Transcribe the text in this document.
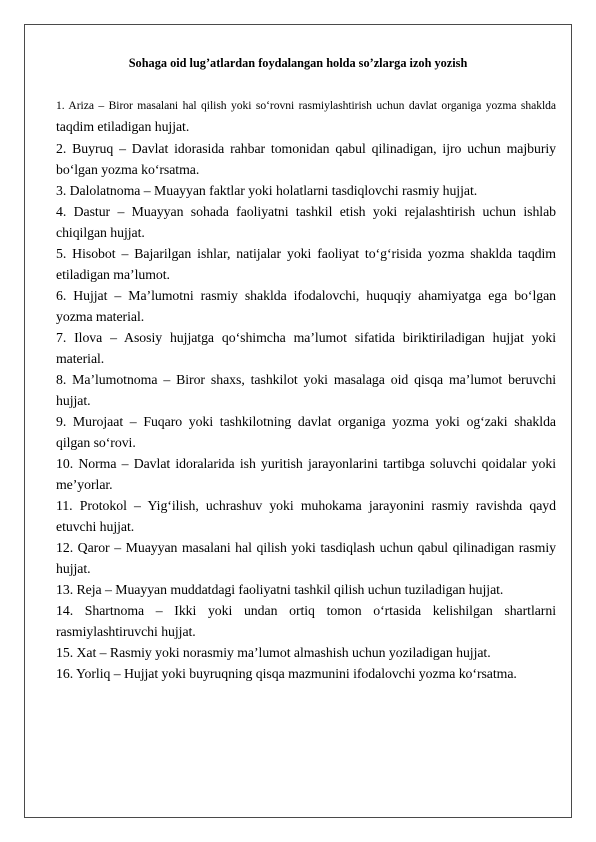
Sohaga oid lug’atlardan foydalangan holda so’zlarga izoh yozish

1. Ariza – Biror masalani hal qilish yoki so‘rovni rasmiylashtirish uchun davlat organiga yozma shaklda taqdim etiladigan hujjat.

2. Buyruq – Davlat idorasida rahbar tomonidan qabul qilinadigan, ijro uchun majburiy bo‘lgan yozma ko‘rsatma.

3. Dalolatnoma – Muayyan faktlar yoki holatlarni tasdiqlovchi rasmiy hujjat.

4. Dastur – Muayyan sohada faoliyatni tashkil etish yoki rejalashtirish uchun ishlab chiqilgan hujjat.

5. Hisobot – Bajarilgan ishlar, natijalar yoki faoliyat to‘g‘risida yozma shaklda taqdim etiladigan ma’lumot.

6. Hujjat – Ma’lumotni rasmiy shaklda ifodalovchi, huquqiy ahamiyatga ega bo‘lgan yozma material.

7. Ilova – Asosiy hujjatga qo‘shimcha ma’lumot sifatida biriktiriladigan hujjat yoki material.

8. Ma’lumotnoma – Biror shaxs, tashkilot yoki masalaga oid qisqa ma’lumot beruvchi hujjat.

9. Murojaat – Fuqaro yoki tashkilotning davlat organiga yozma yoki og‘zaki shaklda qilgan so‘rovi.

10. Norma – Davlat idoralarida ish yuritish jarayonlarini tartibga soluvchi qoidalar yoki me’yorlar.

11. Protokol – Yig‘ilish, uchrashuv yoki muhokama jarayonini rasmiy ravishda qayd etuvchi hujjat.

12. Qaror – Muayyan masalani hal qilish yoki tasdiqlash uchun qabul qilinadigan rasmiy hujjat.

13. Reja – Muayyan muddatdagi faoliyatni tashkil qilish uchun tuziladigan hujjat.

14. Shartnoma – Ikki yoki undan ortiq tomon o‘rtasida kelishilgan shartlarni rasmiylashtiruvchi hujjat.

15. Xat – Rasmiy yoki norasmiy ma’lumot almashish uchun yoziladigan hujjat.

16. Yorliq – Hujjat yoki buyruqning qisqa mazmunini ifodalovchi yozma ko‘rsatma.
